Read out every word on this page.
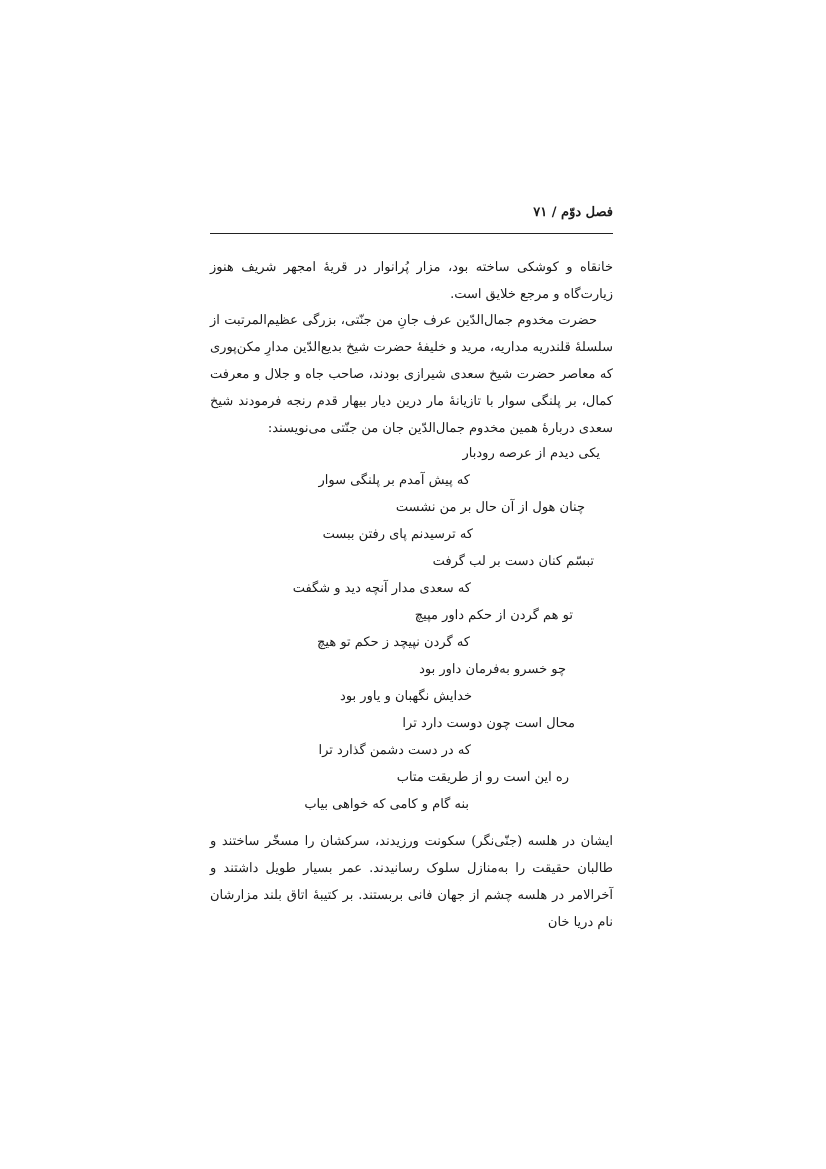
فصل دوّم / ۷۱

خانقاه و کوشکی ساخته بود، مزار پُرانوار در قریهٔ امجهر شریف هنوز زیارت‌گاه و مرجع خلایق است.

حضرت مخدوم جمال‌الدّین عرف جانِ من جنّتی، بزرگی عظیم‌المرتبت از سلسلهٔ قلندریه مداریه، مرید و خلیفهٔ حضرت شیخ بدیع‌الدّین مدارِ مکن‌پوری که معاصر حضرت شیخ سعدی شیرازی بودند، صاحب جاه و جلال و معرفت کمال، بر پلنگی سوار با تازیانهٔ مار درین دیار بیهار قدم رنجه فرمودند شیخ سعدی دربارهٔ همین مخدوم جمال‌الدّین جان من جنّتی می‌نویسند:

یکی دیدم از عرصه رودبار
که پیش آمدم بر پلنگی سوار
چنان هول از آن حال بر من نشست
که ترسیدنم پای رفتن ببست
تبسّم کنان دست بر لب گرفت
که سعدی مدار آنچه دید و شگفت
تو هم گردن از حکم داور مپیچ
که گردن نپیچد ز حکم تو هیچ
چو خسرو به‌فرمان داور بود
خدایش نگهبان و یاور بود
محال است چون دوست دارد ترا
که در دست دشمن گذارد ترا
ره این است رو از طریقت متاب
بنه گام و کامی که خواهی بیاب

ایشان در هلسه (جنّی‌نگر) سکونت ورزیدند، سرکشان را مسخّر ساختند و طالبان حقیقت را به‌منازل سلوک رسانیدند. عمر بسیار طویل داشتند و آخرالامر در هلسه چشم از جهان فانی بربستند. بر کتیبهٔ اتاق بلند مزارشان نام دریا خان
